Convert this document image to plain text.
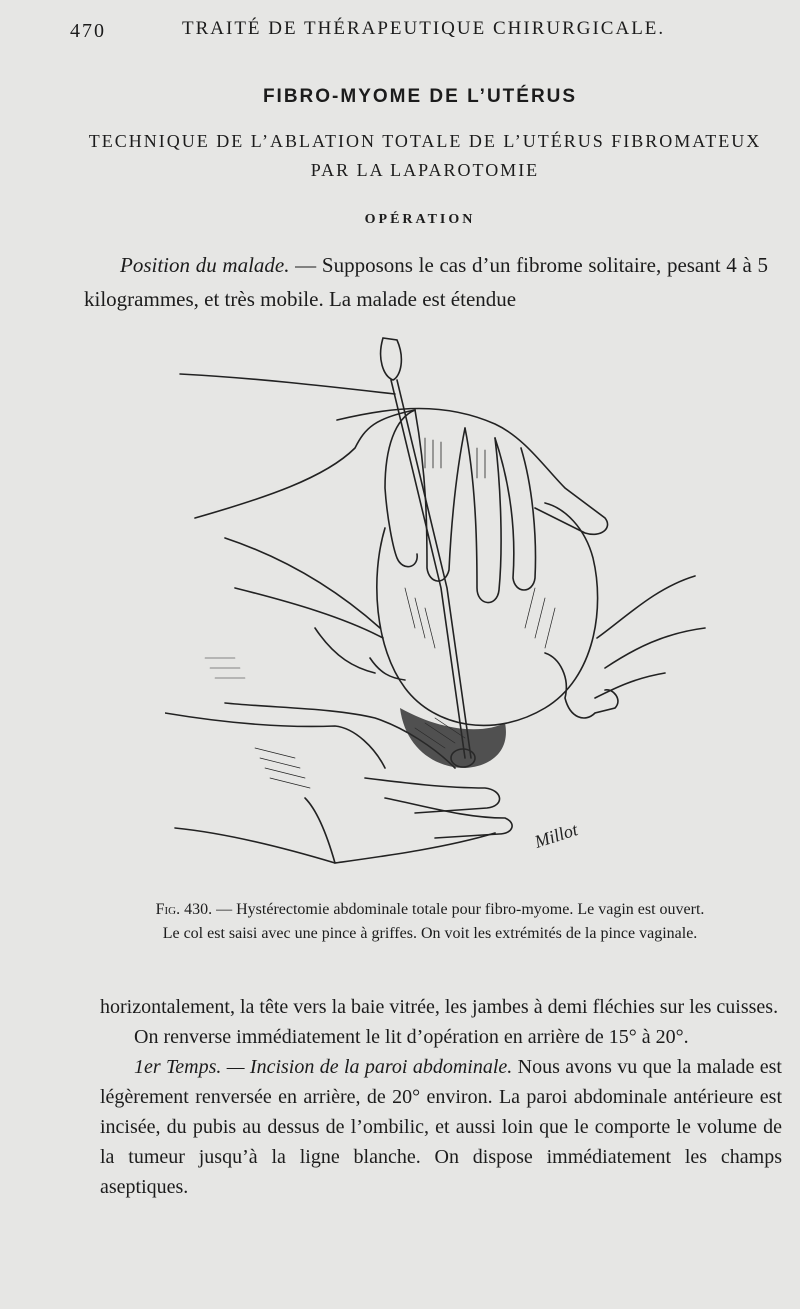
470	TRAITÉ DE THÉRAPEUTIQUE CHIRURGICALE.
FIBRO-MYOME DE L’UTÉRUS
TECHNIQUE DE L’ABLATION TOTALE DE L’UTÉRUS FIBROMATEUX PAR LA LAPAROTOMIE
OPÉRATION
Position du malade. — Supposons le cas d’un fibrome solitaire, pesant 4 à 5 kilogrammes, et très mobile. La malade est étendue
Millot
Fig. 430. — Hystérectomie abdominale totale pour fibro-myome. Le vagin est ouvert. Le col est saisi avec une pince à griffes. On voit les extrémités de la pince vaginale.

horizontalement, la tête vers la baie vitrée, les jambes à demi fléchies sur les cuisses.

On renverse immédiatement le lit d’opération en arrière de 15° à 20°.

1er Temps. — Incision de la paroi abdominale. Nous avons vu que la malade est légèrement renversée en arrière, de 20° environ. La paroi abdominale antérieure est incisée, du pubis au dessus de l’ombilic, et aussi loin que le comporte le volume de la tumeur jusqu’à la ligne blanche. On dispose immédiatement les champs aseptiques.
